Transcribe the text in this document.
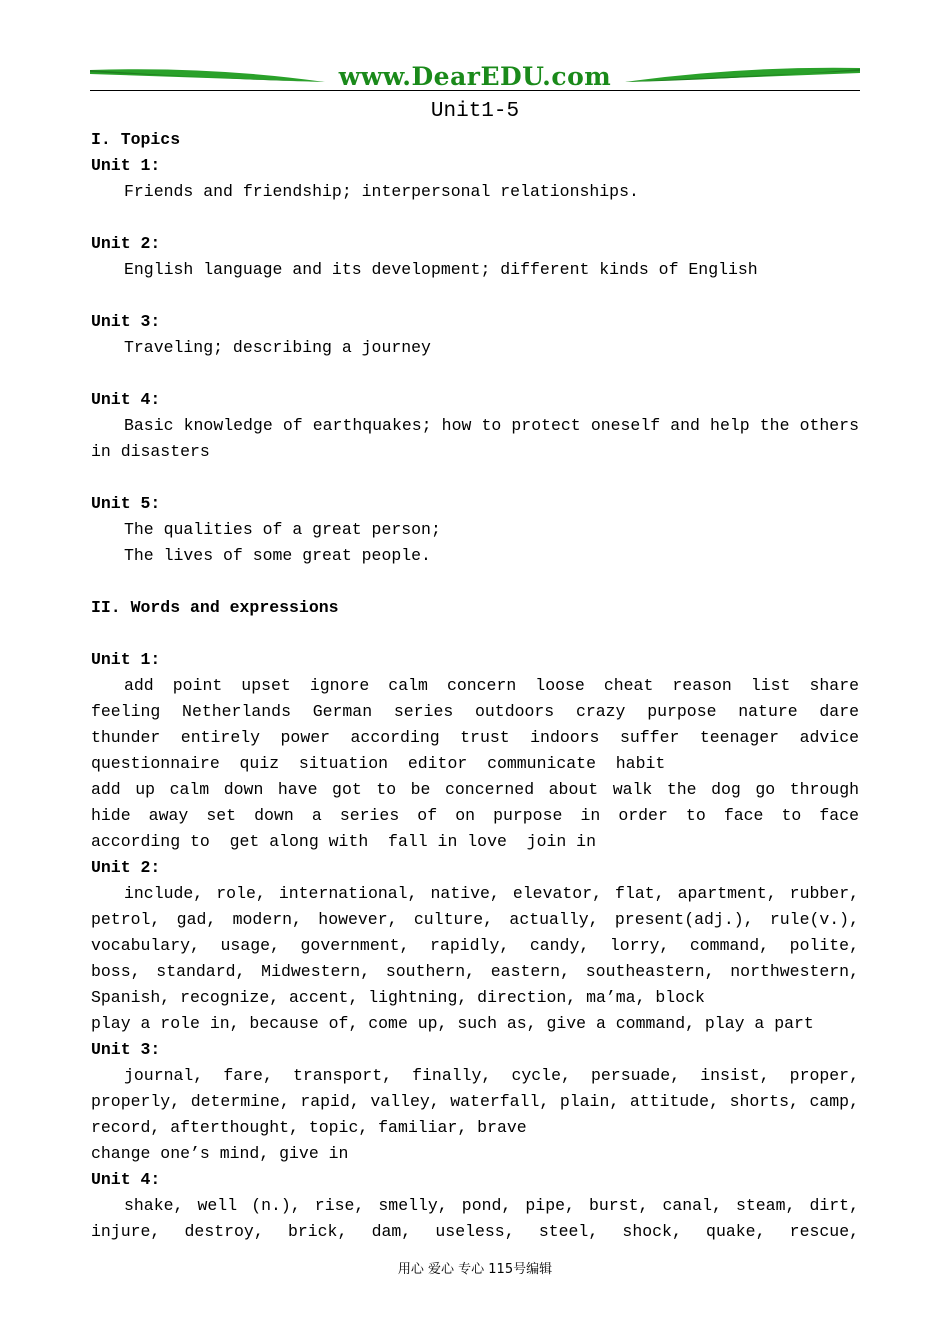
www.DearEDU.com
Unit1-5
I. Topics
Unit 1:
Friends and friendship; interpersonal relationships.
Unit 2:
English language and its development; different kinds of English
Unit 3:
Traveling; describing a journey
Unit 4:
Basic knowledge of earthquakes; how to protect oneself and help the others
in disasters
Unit 5:
The qualities of a great person;
The lives of some great people.
II. Words and expressions
Unit 1:
add point upset ignore calm concern loose cheat reason list share
feeling Netherlands German series outdoors crazy purpose nature dare
thunder entirely power according trust indoors suffer teenager advice
questionnaire  quiz  situation  editor  communicate  habit
add up calm down have got to be concerned about walk the dog go through
hide away set down a series of on purpose in order to face to face
according to  get along with  fall in love  join in
Unit 2:
include, role, international, native, elevator, flat, apartment, rubber,
petrol, gad, modern, however, culture, actually, present(adj.), rule(v.),
vocabulary, usage, government, rapidly, candy, lorry, command, polite,
boss, standard, Midwestern, southern, eastern, southeastern, northwestern,
Spanish, recognize, accent, lightning, direction, ma’ma, block
play a role in, because of, come up, such as, give a command, play a part
Unit 3:
journal, fare, transport, finally, cycle, persuade, insist, proper,
properly, determine, rapid, valley, waterfall, plain, attitude, shorts, camp,
record, afterthought, topic, familiar, brave
change one’s mind, give in
Unit 4:
shake, well (n.), rise, smelly, pond, pipe, burst, canal, steam, dirt,
injure, destroy, brick, dam, useless, steel, shock, quake, rescue,
用心 爱心 专心 115号编辑
